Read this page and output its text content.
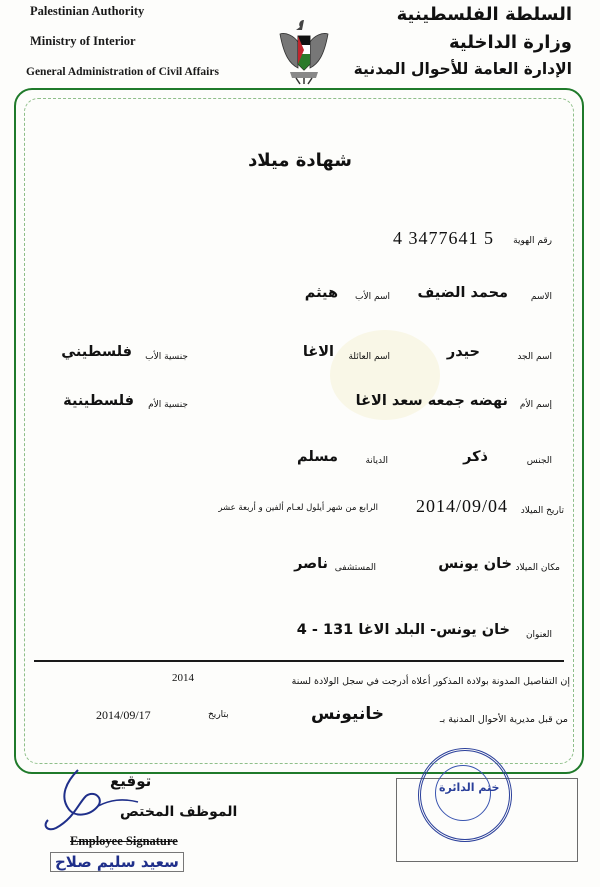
Palestinian Authority
Ministry of Interior
General Administration of Civil Affairs
السلطة الفلسطينية
وزارة الداخلية
الإدارة العامة للأحوال المدنية
شهادة ميلاد
رقم الهوية
4 3477641 5
الاسم
محمد الضيف
اسم الأب
هيثم
اسم الجد
حيدر
اسم العائلة
الاغا
جنسية الأب
فلسطيني
إسم الأم
نهضه جمعه سعد الاغا
جنسية الأم
فلسطينية
الجنس
ذكر
الديانة
مسلم
تاريخ الميلاد
2014/09/04
الرابع من شهر أيلول لعـام ألفين و أربعة عشر
مكان الميلاد
خان يونس
المستشفى
ناصر
العنوان
خان يونس- البلد الاغا 131 - 4
إن التفاصيل المدونة بولادة المذكور أعلاه أدرجت في سجل الولادة لسنة
2014
من قبل مديرية الأحوال المدنية بـ
خانيونس
بتاريخ
2014/09/17
توقيع
الموظف المختص
Employee Signature
سعيد سليم صلاح
ختم الدائرة
